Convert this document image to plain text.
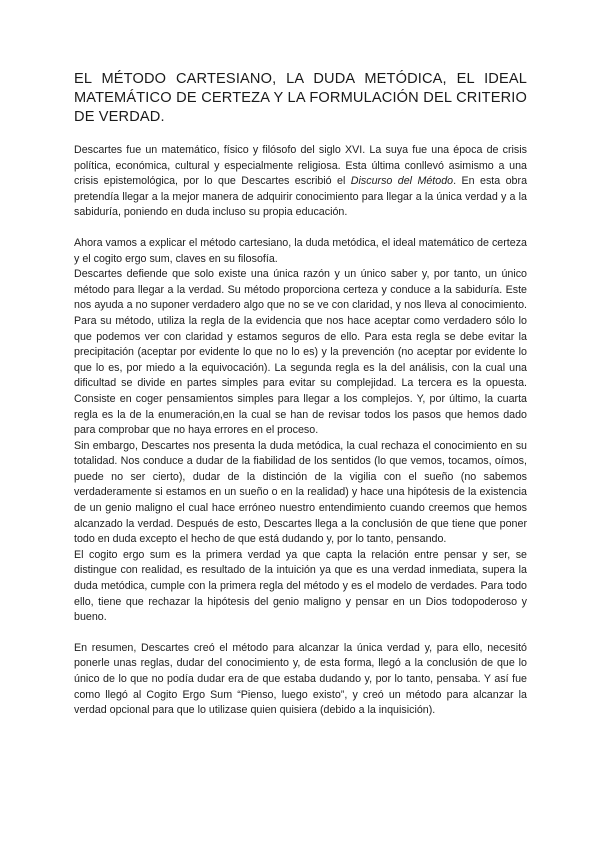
EL MÉTODO CARTESIANO, LA DUDA METÓDICA, EL IDEAL MATEMÁTICO DE CERTEZA Y LA FORMULACIÓN DEL CRITERIO DE VERDAD.

Descartes fue un matemático, físico y filósofo del siglo XVI. La suya fue una época de crisis política, económica, cultural y especialmente religiosa. Esta última conllevó asimismo a una crisis epistemológica, por lo que Descartes escribió el Discurso del Método. En esta obra pretendía llegar a la mejor manera de adquirir conocimiento para llegar a la única verdad y a la sabiduría, poniendo en duda incluso su propia educación.

Ahora vamos a explicar el método cartesiano, la duda metódica, el ideal matemático de certeza y el cogito ergo sum, claves en su filosofía.

Descartes defiende que solo existe una única razón y un único saber y, por tanto, un único método para llegar a la verdad. Su método proporciona certeza y conduce a la sabiduría. Este nos ayuda a no suponer verdadero algo que no se ve con claridad, y nos lleva al conocimiento. Para su método, utiliza la regla de la evidencia que nos hace aceptar como verdadero sólo lo que podemos ver con claridad y estamos seguros de ello. Para esta regla se debe evitar la precipitación (aceptar por evidente lo que no lo es) y la prevención (no aceptar por evidente lo que lo es, por miedo a la equivocación). La segunda regla es la del análisis, con la cual una dificultad se divide en partes simples para evitar su complejidad. La tercera es la opuesta. Consiste en coger pensamientos simples para llegar a los complejos. Y, por último, la cuarta regla es la de la enumeración,en la cual se han de revisar todos los pasos que hemos dado para comprobar que no haya errores en el proceso.

Sin embargo, Descartes nos presenta la duda metódica, la cual rechaza el conocimiento en su totalidad. Nos conduce a dudar de la fiabilidad de los sentidos (lo que vemos, tocamos, oímos, puede no ser cierto), dudar de la distinción de la vigilia con el sueño (no sabemos verdaderamente si estamos en un sueño o en la realidad) y hace una hipótesis de la existencia de un genio maligno el cual hace erróneo nuestro entendimiento cuando creemos que hemos alcanzado la verdad. Después de esto, Descartes llega a la conclusión de que tiene que poner todo en duda excepto el hecho de que está dudando y, por lo tanto, pensando.

El cogito ergo sum es la primera verdad ya que capta la relación entre pensar y ser, se distingue con realidad, es resultado de la intuición ya que es una verdad inmediata, supera la duda metódica, cumple con la primera regla del método y es el modelo de verdades. Para todo ello, tiene que rechazar la hipótesis del genio maligno y pensar en un Dios todopoderoso y bueno.

En resumen, Descartes creó el método para alcanzar la única verdad y, para ello, necesitó ponerle unas reglas, dudar del conocimiento y, de esta forma, llegó a la conclusión de que lo único de lo que no podía dudar era de que estaba dudando y, por lo tanto, pensaba. Y así fue como llegó al Cogito Ergo Sum “Pienso, luego existo”, y creó un método para alcanzar la verdad opcional para que lo utilizase quien quisiera (debido a la inquisición).
